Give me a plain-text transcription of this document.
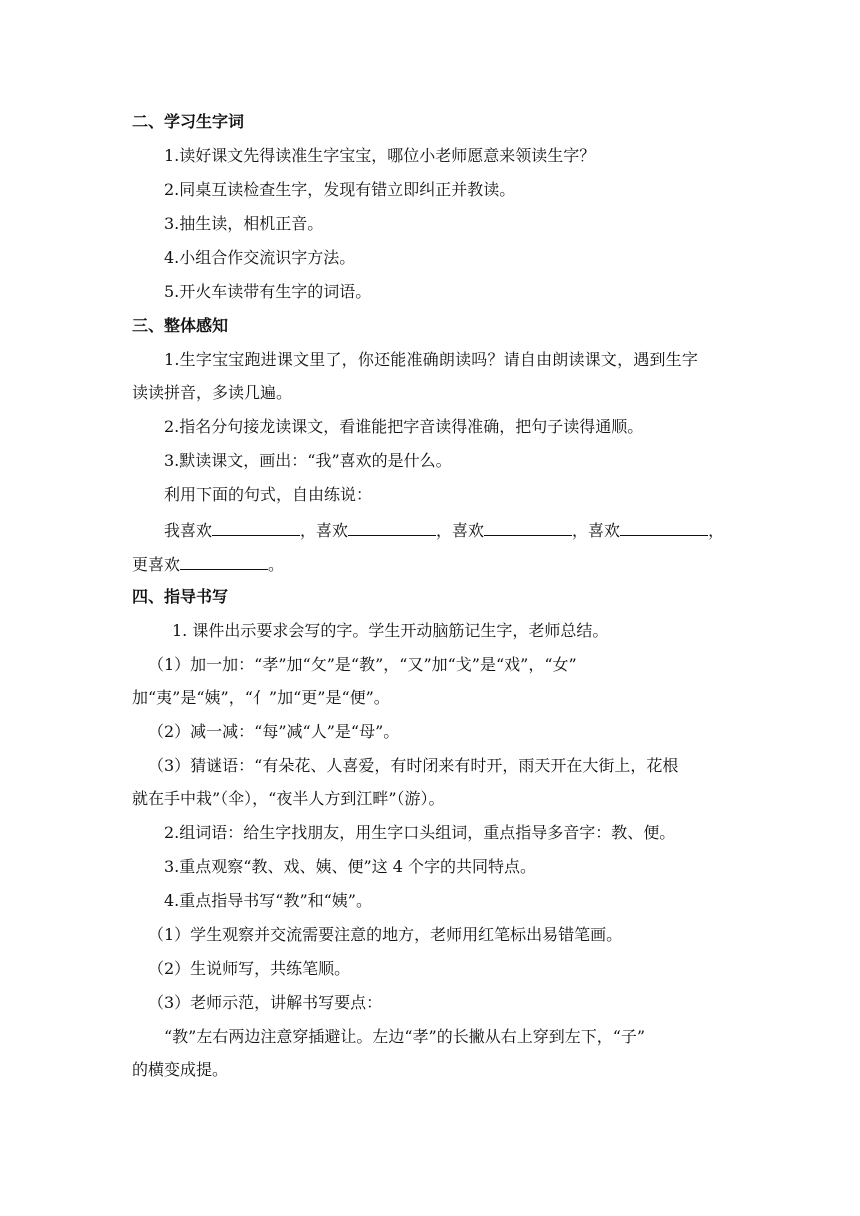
二、学习生字词
1.读好课文先得读准生字宝宝，哪位小老师愿意来领读生字？
2.同桌互读检查生字，发现有错立即纠正并教读。
3.抽生读，相机正音。
4.小组合作交流识字方法。
5.开火车读带有生字的词语。
三、整体感知
1.生字宝宝跑进课文里了，你还能准确朗读吗？请自由朗读课文，遇到生字
读读拼音，多读几遍。
2.指名分句接龙读课文，看谁能把字音读得准确，把句子读得通顺。
3.默读课文，画出：“我”喜欢的是什么。
利用下面的句式，自由练说：
我喜欢	，喜欢	，喜欢	，喜欢	，
更喜欢	。
四、指导书写
1. 课件出示要求会写的字。学生开动脑筋记生字，老师总结。
（1）加一加：“孝”加“攵”是“教”，“又”加“戈”是“戏”，“女”
加“夷”是“姨”，“亻”加“更”是“便”。
（2）减一减：“每”减“人”是“母”。
（3）猜谜语：“有朵花、人喜爱，有时闭来有时开，雨天开在大街上，花根
就在手中栽”（伞），“夜半人方到江畔”（游）。
2.组词语：给生字找朋友，用生字口头组词，重点指导多音字：教、便。
3.重点观察“教、戏、姨、便”这 4 个字的共同特点。
4.重点指导书写“教”和“姨”。
（1）学生观察并交流需要注意的地方，老师用红笔标出易错笔画。
（2）生说师写，共练笔顺。
（3）老师示范，讲解书写要点：
“教”左右两边注意穿插避让。左边“孝”的长撇从右上穿到左下，“子”
的横变成提。
